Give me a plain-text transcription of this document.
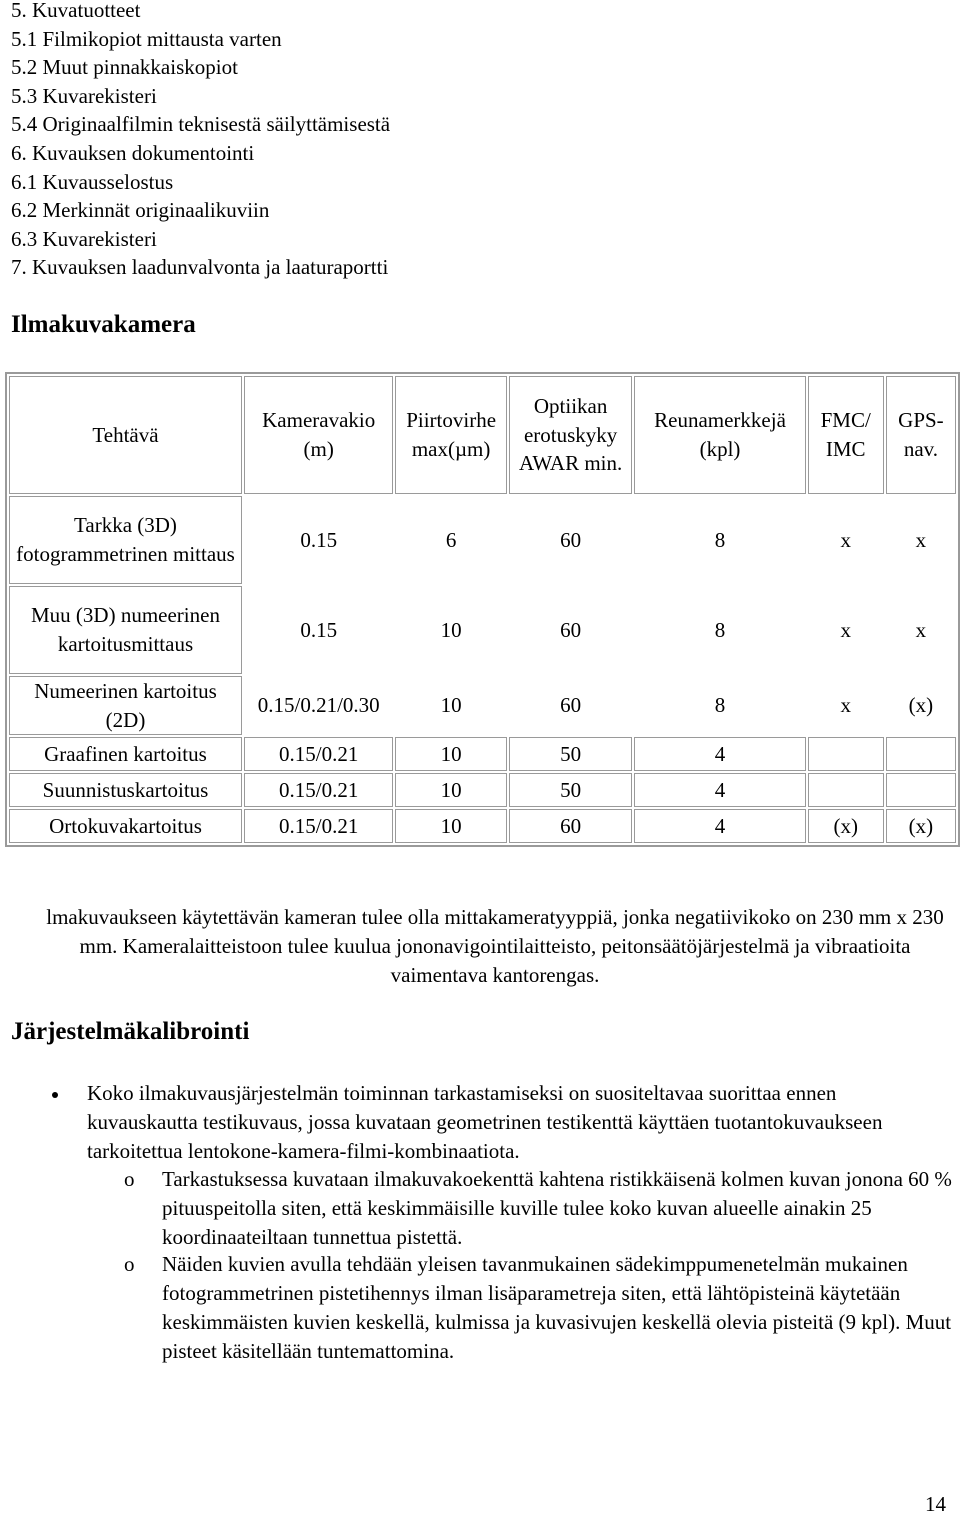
5. Kuvatuotteet
5.1 Filmikopiot mittausta varten
5.2 Muut pinnakkaiskopiot
5.3 Kuvarekisteri
5.4 Originaalfilmin teknisestä säilyttämisestä
6. Kuvauksen dokumentointi
6.1 Kuvausselostus
6.2 Merkinnät originaalikuviin
6.3 Kuvarekisteri
7. Kuvauksen laadunvalvonta ja laaturaportti
Ilmakuvakamera
Tehtävä	Kameravakio (m)	Piirtovirhe max(µm)	Optiikan erotuskyky AWAR min.	Reunamerkkejä (kpl)	FMC/ IMC	GPS-nav.
Tarkka (3D) fotogrammetrinen mittaus	0.15	6	60	8	x	x
Muu (3D) numeerinen kartoitusmittaus	0.15	10	60	8	x	x
Numeerinen kartoitus (2D)	0.15/0.21/0.30	10	60	8	x	(x)
Graafinen kartoitus	0.15/0.21	10	50	4		
Suunnistuskartoitus	0.15/0.21	10	50	4		
Ortokuvakartoitus	0.15/0.21	10	60	4	(x)	(x)
lmakuvaukseen käytettävän kameran tulee olla mittakameratyyppiä, jonka negatiivikoko on 230 mm x 230 mm. Kameralaitteistoon tulee kuulua jononavigointilaitteisto, peitonsäätöjärjestelmä ja vibraatioita vaimentava kantorengas.
Järjestelmäkalibrointi
Koko ilmakuvausjärjestelmän toiminnan tarkastamiseksi on suositeltavaa suorittaa ennen kuvauskautta testikuvaus, jossa kuvataan geometrinen testikenttä käyttäen tuotantokuvaukseen tarkoitettua lentokone-kamera-filmi-kombinaatiota.
o Tarkastuksessa kuvataan ilmakuvakoekenttä kahtena ristikkäisenä kolmen kuvan jonona 60 % pituuspeitolla siten, että keskimmäisille kuville tulee koko kuvan alueelle ainakin 25 koordinaateiltaan tunnettua pistettä.
o Näiden kuvien avulla tehdään yleisen tavanmukainen sädekimppumenetelmän mukainen fotogrammetrinen pistetihennys ilman lisäparametreja siten, että lähtöpisteinä käytetään keskimmäisten kuvien keskellä, kulmissa ja kuvasivujen keskellä olevia pisteitä (9 kpl). Muut pisteet käsitellään tuntemattomina.
14
